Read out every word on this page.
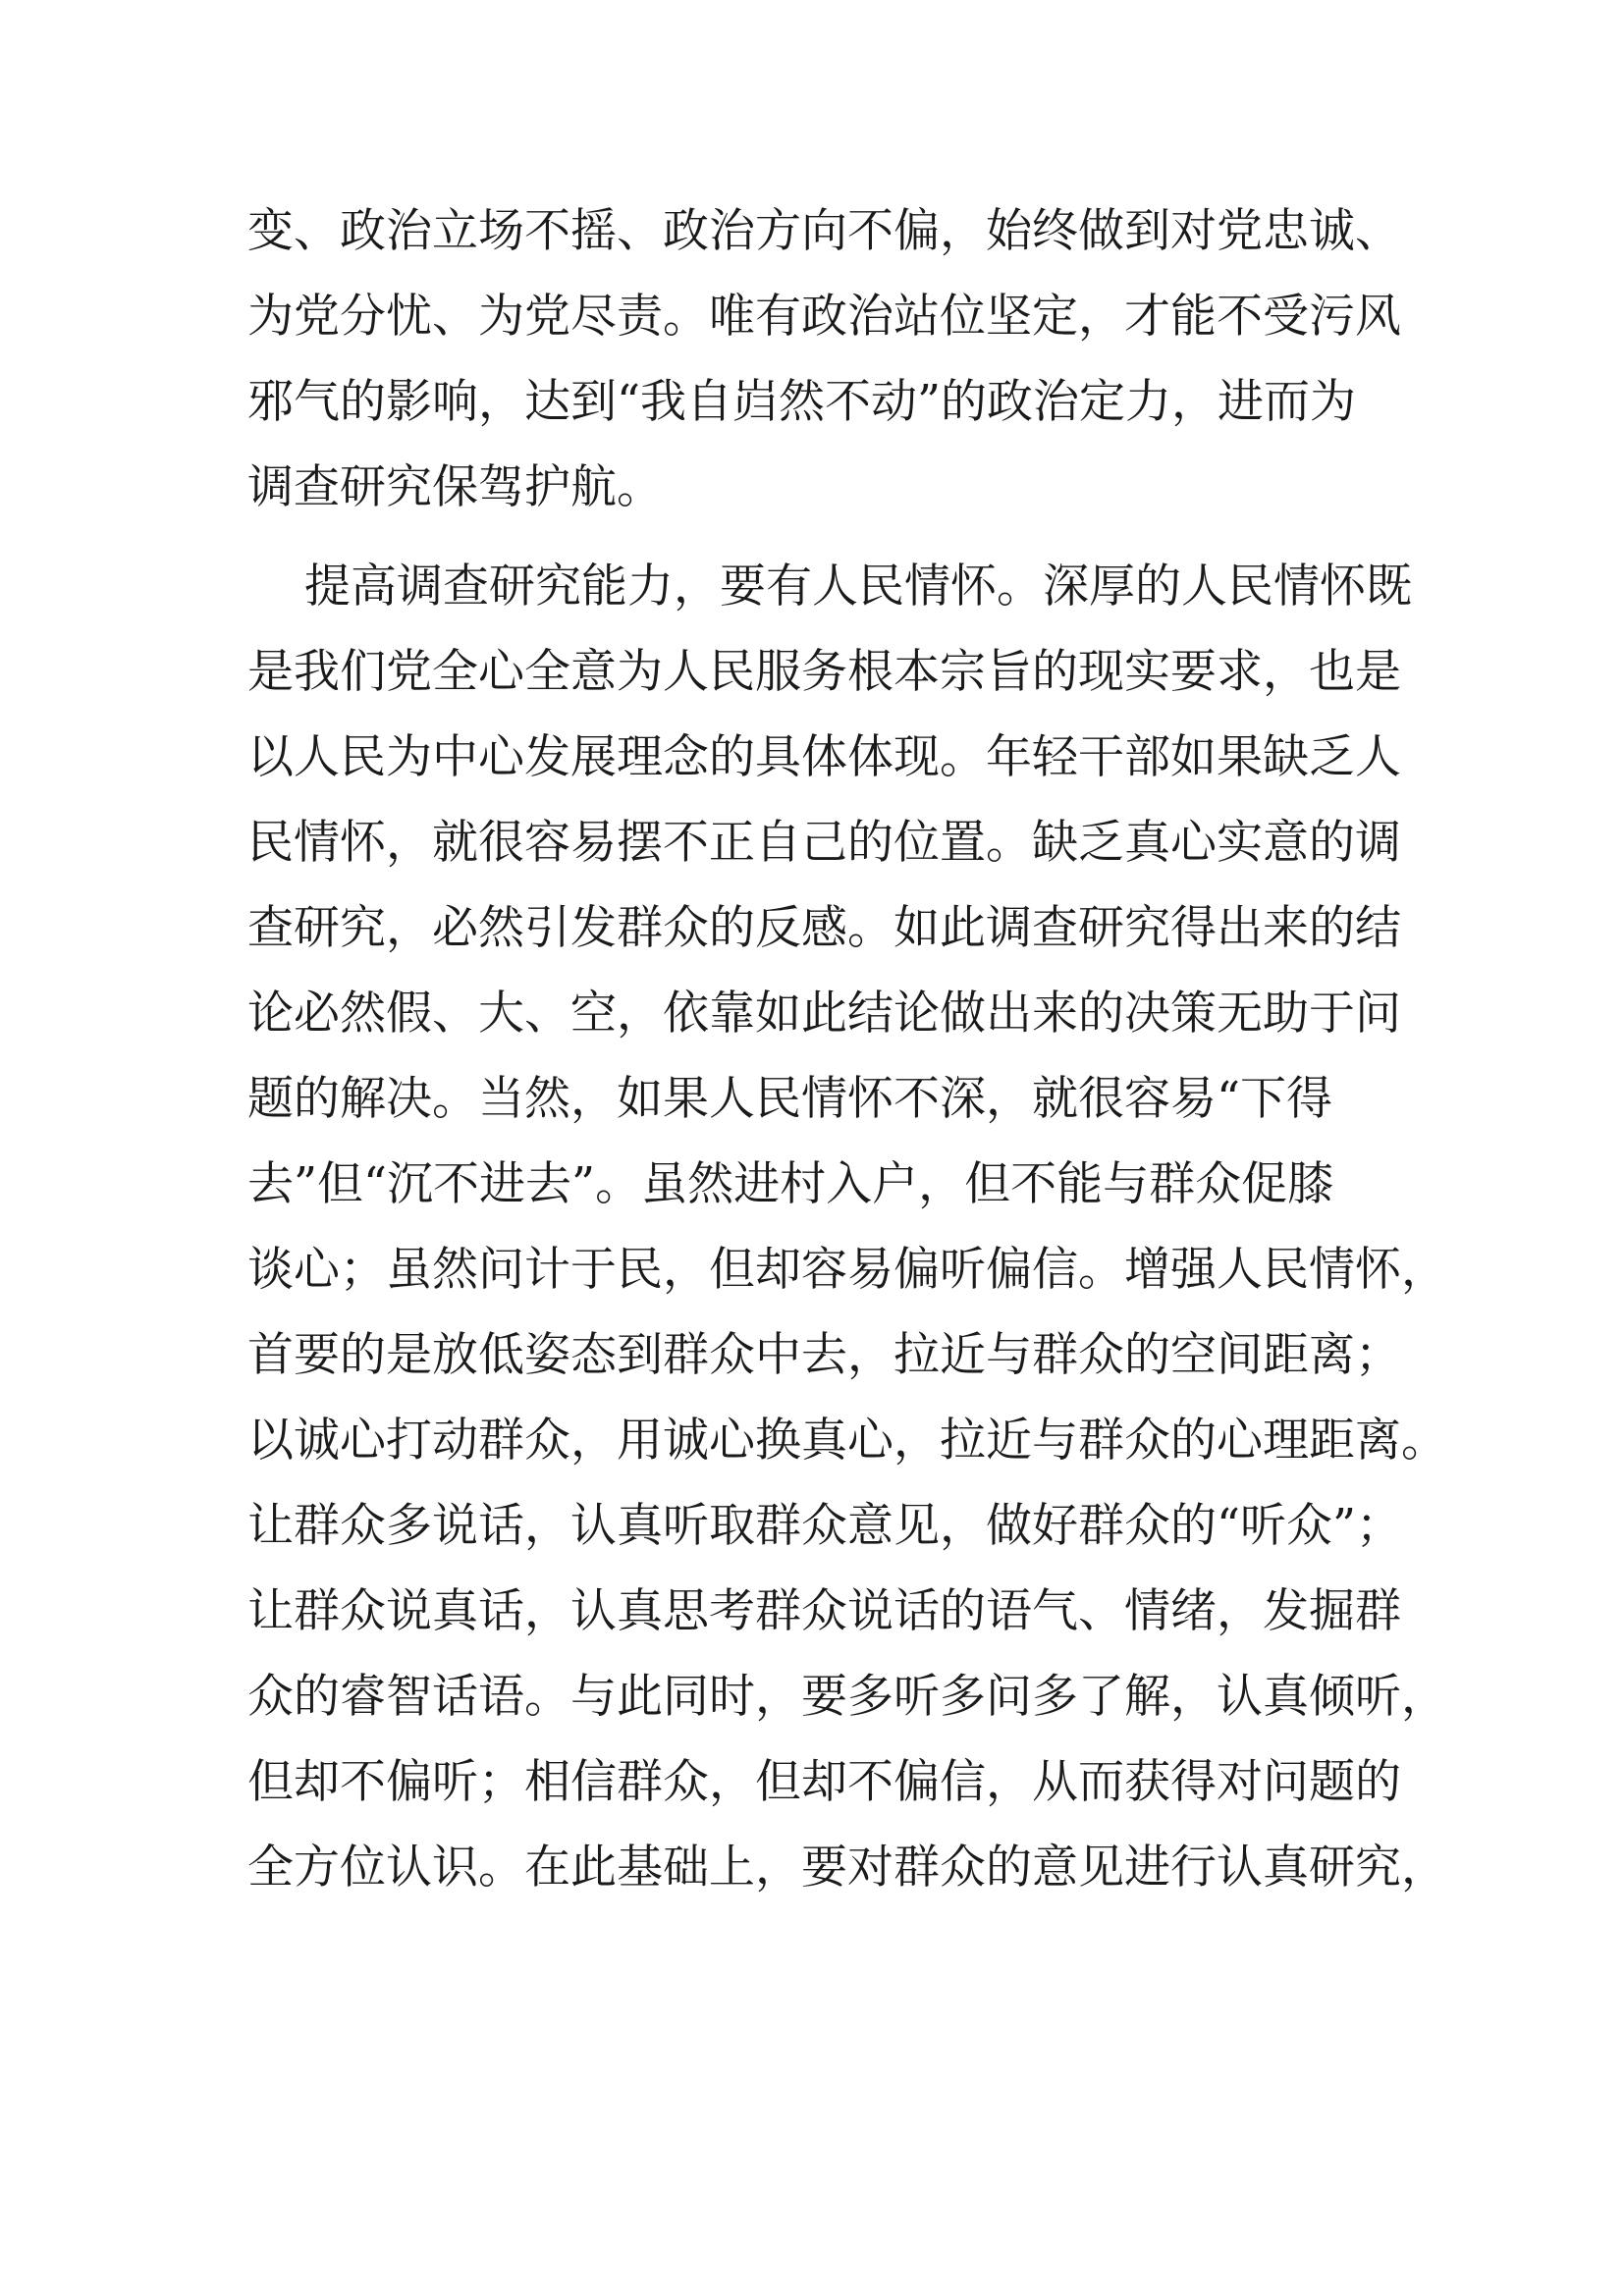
变、政治立场不摇、政治方向不偏，始终做到对党忠诚、
为党分忧、为党尽责。唯有政治站位坚定，才能不受污风
邪气的影响，达到“我自岿然不动”的政治定力，进而为
调查研究保驾护航。
提高调查研究能力，要有人民情怀。深厚的人民情怀既
是我们党全心全意为人民服务根本宗旨的现实要求，也是
以人民为中心发展理念的具体体现。年轻干部如果缺乏人
民情怀，就很容易摆不正自己的位置。缺乏真心实意的调
查研究，必然引发群众的反感。如此调查研究得出来的结
论必然假、大、空，依靠如此结论做出来的决策无助于问
题的解决。当然，如果人民情怀不深，就很容易“下得
去”但“沉不进去”。虽然进村入户，但不能与群众促膝
谈心；虽然问计于民，但却容易偏听偏信。增强人民情怀，
首要的是放低姿态到群众中去，拉近与群众的空间距离；
以诚心打动群众，用诚心换真心，拉近与群众的心理距离。
让群众多说话，认真听取群众意见，做好群众的“听众”；
让群众说真话，认真思考群众说话的语气、情绪，发掘群
众的睿智话语。与此同时，要多听多问多了解，认真倾听，
但却不偏听；相信群众，但却不偏信，从而获得对问题的
全方位认识。在此基础上，要对群众的意见进行认真研究，
